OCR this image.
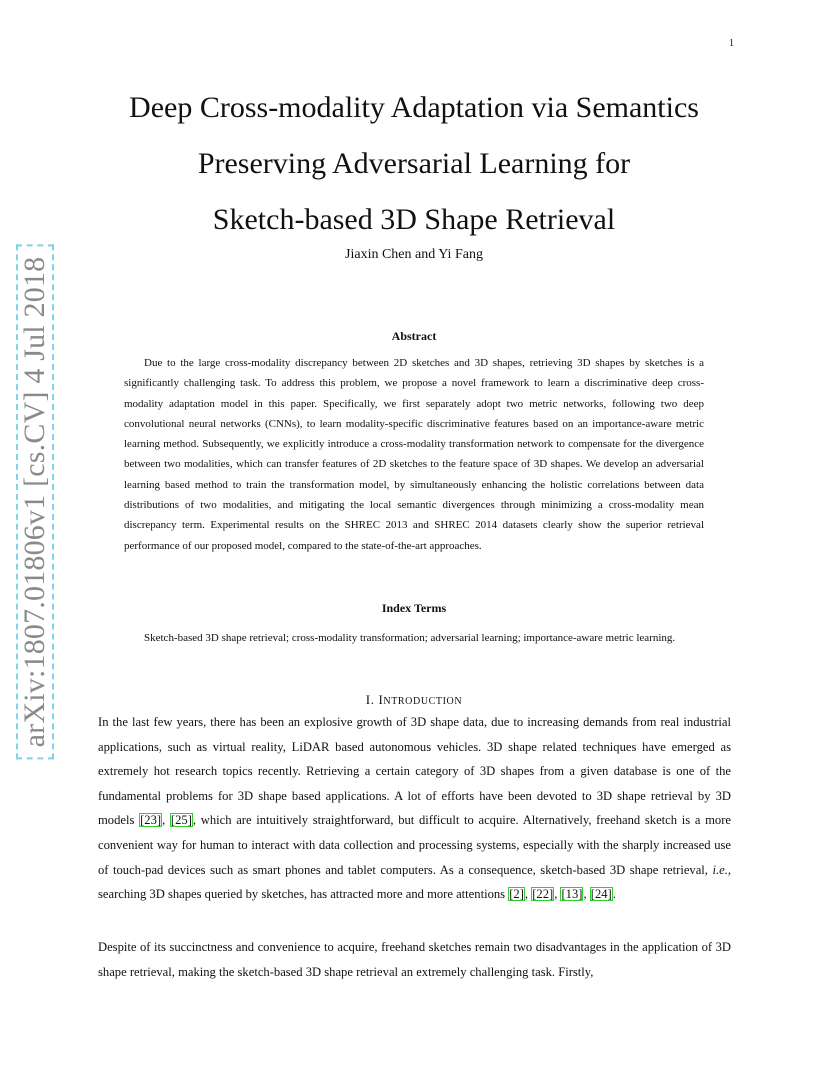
1
arXiv:1807.01806v1 [cs.CV] 4 Jul 2018
Deep Cross-modality Adaptation via Semantics
Preserving Adversarial Learning for
Sketch-based 3D Shape Retrieval
Jiaxin Chen and Yi Fang
Abstract

Due to the large cross-modality discrepancy between 2D sketches and 3D shapes, retrieving 3D shapes by sketches is a significantly challenging task. To address this problem, we propose a novel framework to learn a discriminative deep cross-modality adaptation model in this paper. Specifically, we first separately adopt two metric networks, following two deep convolutional neural networks (CNNs), to learn modality-specific discriminative features based on an importance-aware metric learning method. Subsequently, we explicitly introduce a cross-modality transformation network to compensate for the divergence between two modalities, which can transfer features of 2D sketches to the feature space of 3D shapes. We develop an adversarial learning based method to train the transformation model, by simultaneously enhancing the holistic correlations between data distributions of two modalities, and mitigating the local semantic divergences through minimizing a cross-modality mean discrepancy term. Experimental results on the SHREC 2013 and SHREC 2014 datasets clearly show the superior retrieval performance of our proposed model, compared to the state-of-the-art approaches.

Index Terms

Sketch-based 3D shape retrieval; cross-modality transformation; adversarial learning; importance-aware metric learning.

I. INTRODUCTION

In the last few years, there has been an explosive growth of 3D shape data, due to increasing demands from real industrial applications, such as virtual reality, LiDAR based autonomous vehicles. 3D shape related techniques have emerged as extremely hot research topics recently. Retrieving a certain category of 3D shapes from a given database is one of the fundamental problems for 3D shape based applications. A lot of efforts have been devoted to 3D shape retrieval by 3D models [23], [25], which are intuitively straightforward, but difficult to acquire. Alternatively, freehand sketch is a more convenient way for human to interact with data collection and processing systems, especially with the sharply increased use of touch-pad devices such as smart phones and tablet computers. As a consequence, sketch-based 3D shape retrieval, i.e., searching 3D shapes queried by sketches, has attracted more and more attentions [2], [22], [13], [24].

Despite of its succinctness and convenience to acquire, freehand sketches remain two disadvantages in the application of 3D shape retrieval, making the sketch-based 3D shape retrieval an extremely challenging task. Firstly,
